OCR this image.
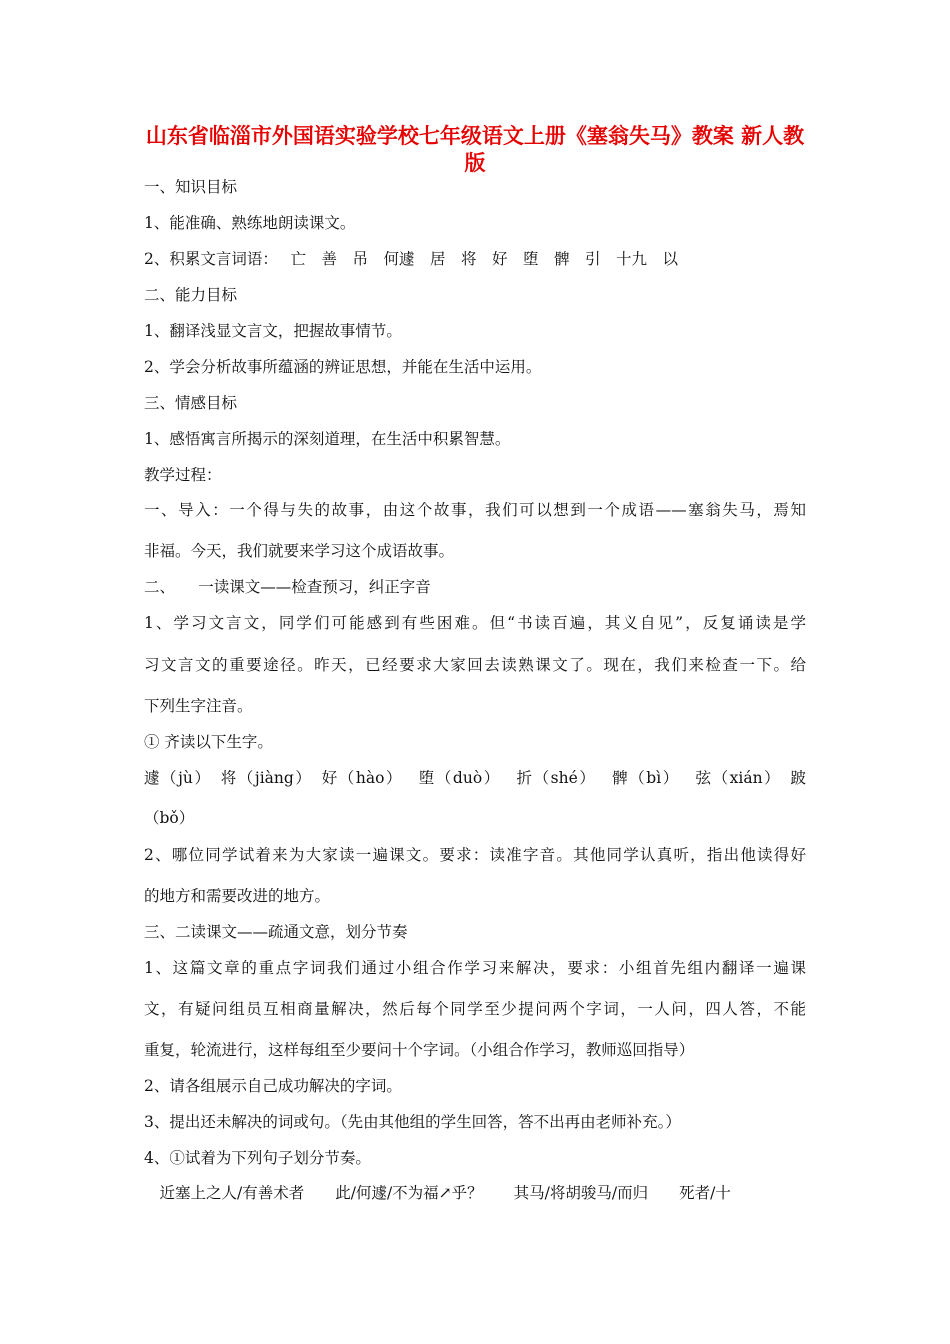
山东省临淄市外国语实验学校七年级语文上册《塞翁失马》教案 新人教版
一、知识目标
1、能准确、熟练地朗读课文。
2、积累文言词语：　 亡　善　吊　何遽　居　将　好　堕　髀　引　十九　以
二、能力目标
1、翻译浅显文言文，把握故事情节。
2、学会分析故事所蕴涵的辨证思想，并能在生活中运用。
三、情感目标
1、感悟寓言所揭示的深刻道理，在生活中积累智慧。
教学过程：
一、导入：一个得与失的故事，由这个故事，我们可以想到一个成语——塞翁失马，焉知
非福。今天，我们就要来学习这个成语故事。
二、　　一读课文——检查预习，纠正字音
1、学习文言文，同学们可能感到有些困难。但“书读百遍，其义自见”，反复诵读是学
习文言文的重要途径。昨天，已经要求大家回去读熟课文了。现在，我们来检查一下。给
下列生字注音。
① 齐读以下生字。
遽（jù）　将（jiàng）　好（hào）　 堕（duò）　 折（shé）　 髀（bì）　 弦（xián）　跛
（bǒ）
2、哪位同学试着来为大家读一遍课文。要求：读准字音。其他同学认真听，指出他读得好
的地方和需要改进的地方。
三、二读课文——疏通文意，划分节奏
1、这篇文章的重点字词我们通过小组合作学习来解决，要求：小组首先组内翻译一遍课
文，有疑问组员互相商量解决，然后每个同学至少提问两个字词，一人问，四人答，不能
重复，轮流进行，这样每组至少要问十个字词。（小组合作学习，教师巡回指导）
2、请各组展示自己成功解决的字词。
3、提出还未解决的词或句。（先由其他组的学生回答，答不出再由老师补充。）
4、①试着为下列句子划分节奏。
　近塞上之人/有善术者　　此/何遽/不为福↗乎？　　其马/将胡骏马/而归　　死者/十
